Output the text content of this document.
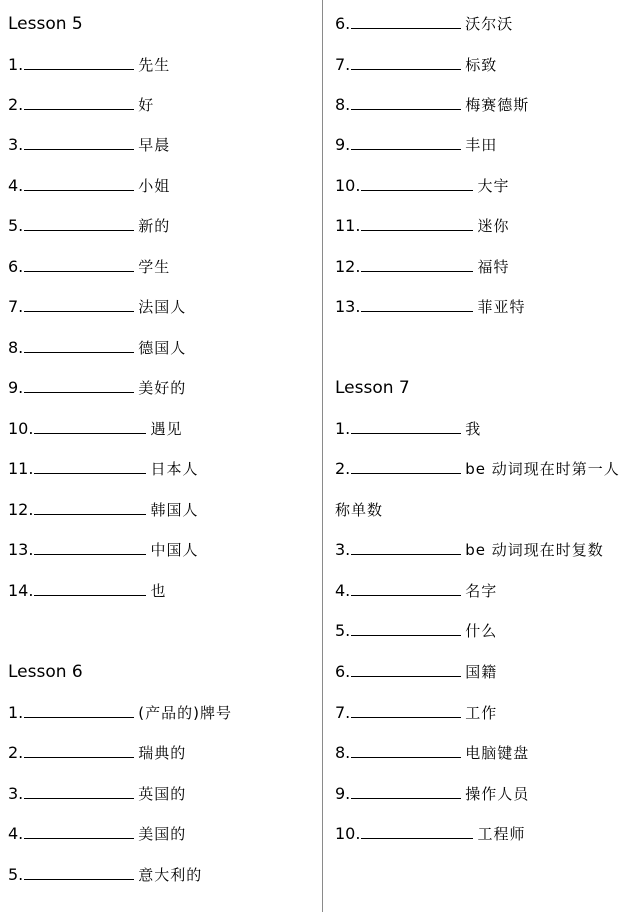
Lesson 5
1.	先生
2.	好
3.	早晨
4.	小姐
5.	新的
6.	学生
7.	法国人
8.	德国人
9.	美好的
10.	遇见
11.	日本人
12.	韩国人
13.	中国人
14.	也
Lesson 6
1.	(产品的)牌号
2.	瑞典的
3.	英国的
4.	美国的
5.	意大利的
6.	沃尔沃
7.	标致
8.	梅赛德斯
9.	丰田
10.	大宇
11.	迷你
12.	福特
13.	菲亚特
Lesson 7
1.	我
2.	be 动词现在时第一人
称单数
3.	be 动词现在时复数
4.	名字
5.	什么
6.	国籍
7.	工作
8.	电脑键盘
9.	操作人员
10.	工程师
